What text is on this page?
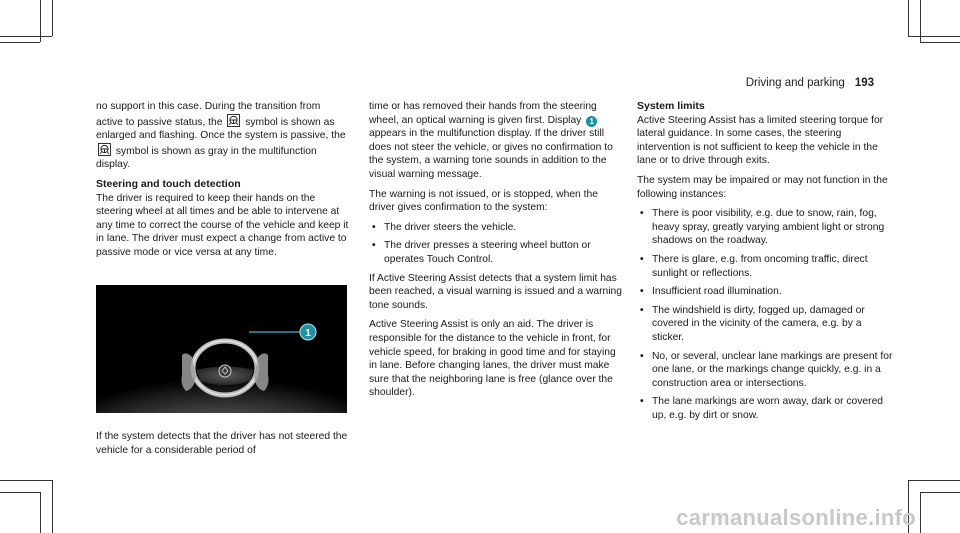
Driving and parking 193

no support in this case. During the transition from active to passive status, the
symbol is shown as enlarged and flashing. Once the system is passive, the
symbol is shown as gray in the multifunction display.

Steering and touch detection

The driver is required to keep their hands on the steering wheel at all times and be able to intervene at any time to correct the course of the vehicle and keep it in lane. The driver must expect a change from active to passive mode or vice versa at any time.

1
If the system detects that the driver has not steered the vehicle for a considerable period of

time or has removed their hands from the steering wheel, an optical warning is given first. Display 1 appears in the multifunction display. If the driver still does not steer the vehicle, or gives no confirmation to the system, a warning tone sounds in addition to the visual warning message.

The warning is not issued, or is stopped, when the driver gives confirmation to the system:

• The driver steers the vehicle.
• The driver presses a steering wheel button or operates Touch Control.

If Active Steering Assist detects that a system limit has been reached, a visual warning is issued and a warning tone sounds.

Active Steering Assist is only an aid. The driver is responsible for the distance to the vehicle in front, for vehicle speed, for braking in good time and for staying in lane. Before changing lanes, the driver must make sure that the neighboring lane is free (glance over the shoulder).

System limits

Active Steering Assist has a limited steering torque for lateral guidance. In some cases, the steering intervention is not sufficient to keep the vehicle in the lane or to drive through exits.

The system may be impaired or may not function in the following instances:

• There is poor visibility, e.g. due to snow, rain, fog, heavy spray, greatly varying ambient light or strong shadows on the roadway.
• There is glare, e.g. from oncoming traffic, direct sunlight or reflections.
• Insufficient road illumination.
• The windshield is dirty, fogged up, damaged or covered in the vicinity of the camera, e.g. by a sticker.
• No, or several, unclear lane markings are present for one lane, or the markings change quickly, e.g. in a construction area or intersections.
• The lane markings are worn away, dark or covered up, e.g. by dirt or snow.
carmanualsonline.info
